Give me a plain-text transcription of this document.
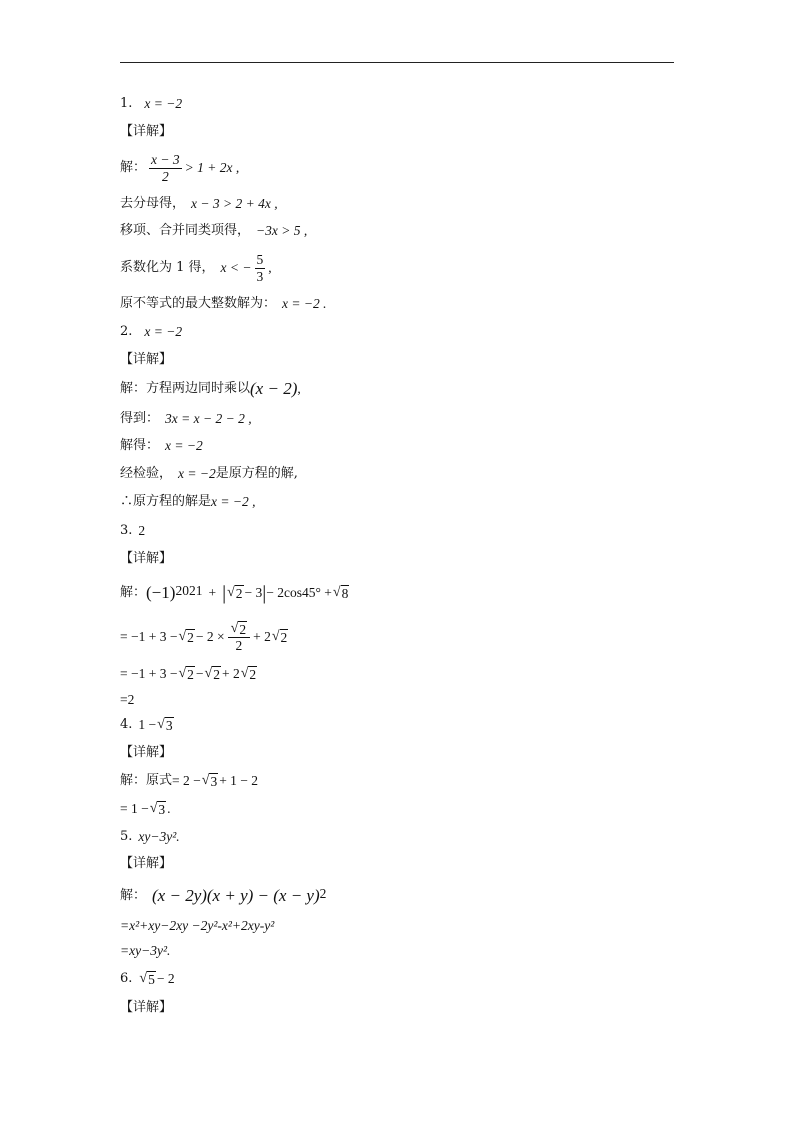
1. x = −2
【详解】
解： $\frac{x - 3}{2} > 1 + 2x$ ,
去分母得， x − 3 > 2 + 4x ,
移项、合并同类项得， −3x > 5 ,
系数化为 1 得， x < − $\frac{5}{3}$ ,
原不等式的最大整数解为： x = −2 .
2. x = −2
【详解】
解：方程两边同时乘以 (x − 2) ,
得到： 3x = x − 2 − 2 ,
解得： x = −2
经检验， x = −2 是原方程的解,
∴原方程的解是 x = −2 ,
3. 2
【详解】
解： $(-1)^{2021}$ + | √ 2 − 3 | − 2cos45° + √ 8
= −1 + 3 − √ $2 - 2 \times \frac{√ 2}{2} + 2$ √ 2
= −1 + 3 − √ 2 − √ 2 + 2 √ 2
=2
4. 1 − √ 3
【详解】
解：原式 = 2 − √ 3 + 1 − 2
= 1 − √ 3 .
5. xy−3y².
【详解】
解： $(x - 2y)(x + y) - (x - y)^2$
=x²+xy−2xy −2y²-x²+2xy-y²
=xy−3y².
6. √ 5 − 2
【详解】
